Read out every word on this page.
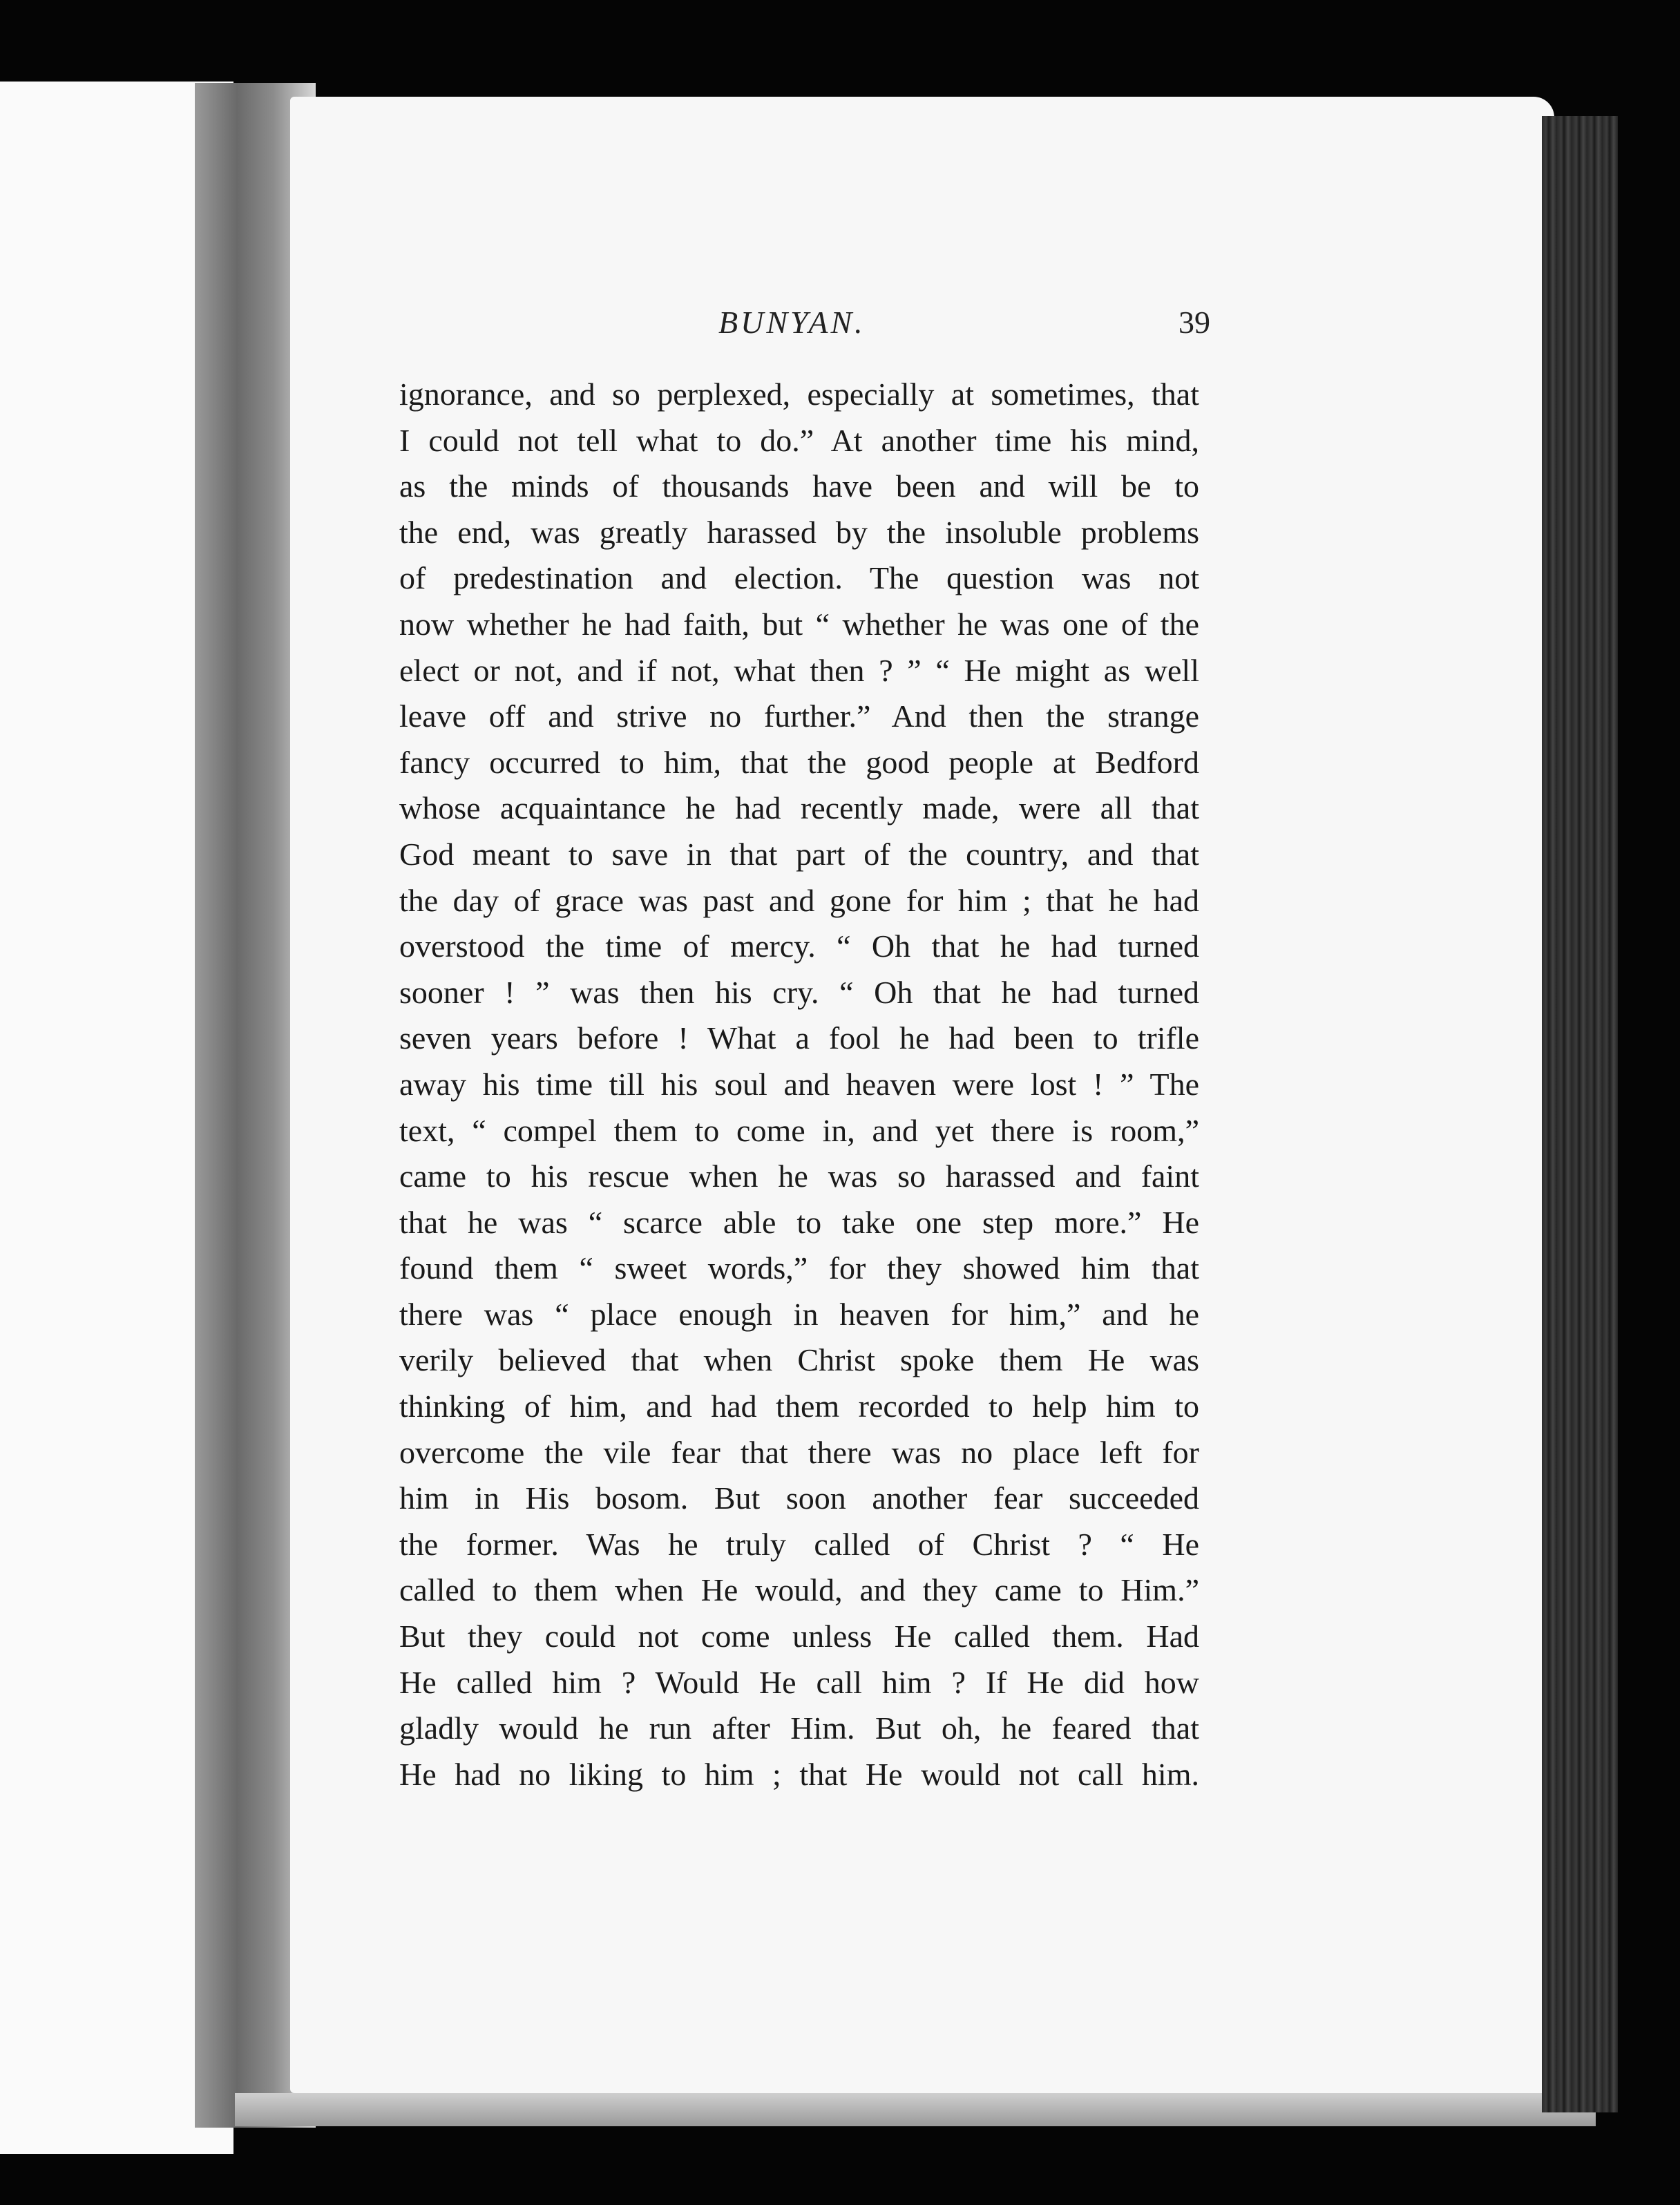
BUNYAN.	39
ignorance, and so perplexed, especially at sometimes, that
I could not tell what to do.” At another time his mind,
as the minds of thousands have been and will be to
the end, was greatly harassed by the insoluble problems
of predestination and election. The question was not
now whether he had faith, but “ whether he was one of the
elect or not, and if not, what then ? ” “ He might as well
leave off and strive no further.” And then the strange
fancy occurred to him, that the good people at Bedford
whose acquaintance he had recently made, were all that
God meant to save in that part of the country, and that
the day of grace was past and gone for him ; that he had
overstood the time of mercy. “ Oh that he had turned
sooner ! ” was then his cry. “ Oh that he had turned
seven years before ! What a fool he had been to trifle
away his time till his soul and heaven were lost ! ” The
text, “ compel them to come in, and yet there is room,”
came to his rescue when he was so harassed and faint
that he was “ scarce able to take one step more.” He
found them “ sweet words,” for they showed him that
there was “ place enough in heaven for him,” and he
verily believed that when Christ spoke them He was
thinking of him, and had them recorded to help him to
overcome the vile fear that there was no place left for
him in His bosom. But soon another fear succeeded
the former. Was he truly called of Christ ? “ He
called to them when He would, and they came to Him.”
But they could not come unless He called them. Had
He called him ? Would He call him ? If He did how
gladly would he run after Him. But oh, he feared that
He had no liking to him ; that He would not call him.
